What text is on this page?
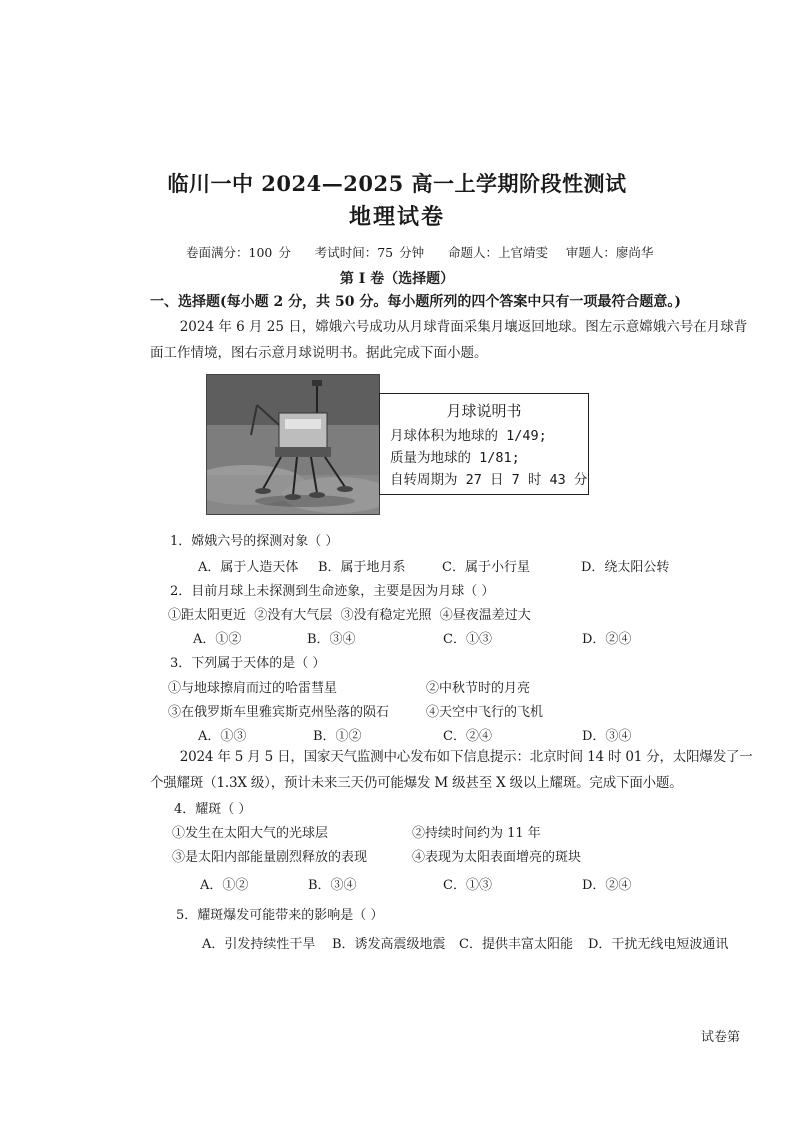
临川一中 2024—2025 高一上学期阶段性测试
地理试卷
卷面满分：100 分    考试时间：75 分钟    命题人：上官靖雯   审题人：廖尚华
第 I 卷（选择题）
一、选择题(每小题 2 分，共 50 分。每小题所列的四个答案中只有一项最符合题意。)
2024 年 6 月 25 日，嫦娥六号成功从月球背面采集月壤返回地球。图左示意嫦娥六号在月球背面工作情境，图右示意月球说明书。据此完成下面小题。
月球说明书
月球体积为地球的 1/49;
质量为地球的 1/81;
自转周期为 27 日 7 时 43 分
1．嫦娥六号的探测对象（ ）
A．属于人造天体 B．属于地月系	C．属于小行星	D．绕太阳公转
2．目前月球上未探测到生命迹象，主要是因为月球（ ）
①距太阳更近  ②没有大气层  ③没有稳定光照  ④昼夜温差过大
A．①②	B．③④	C．①③	D．②④
3．下列属于天体的是（ ）
①与地球擦肩而过的哈雷彗星	②中秋节时的月亮
③在俄罗斯车里雅宾斯克州坠落的陨石	④天空中飞行的飞机
A．①③	B．①②	C．②④	D．③④
2024 年 5 月 5 日，国家天气监测中心发布如下信息提示：北京时间 14 时 01 分，太阳爆发了一个强耀斑（1.3X 级），预计未来三天仍可能爆发 M 级甚至 X 级以上耀斑。完成下面小题。
4．耀斑（ ）
①发生在太阳大气的光球层	②持续时间约为 11 年
③是太阳内部能量剧烈释放的表现	④表现为太阳表面增亮的斑块
A．①②	B．③④	C．①③	D．②④
5．耀斑爆发可能带来的影响是（ ）
A．引发持续性干旱 B．诱发高震级地震 C．提供丰富太阳能 D．干扰无线电短波通讯
试卷第
